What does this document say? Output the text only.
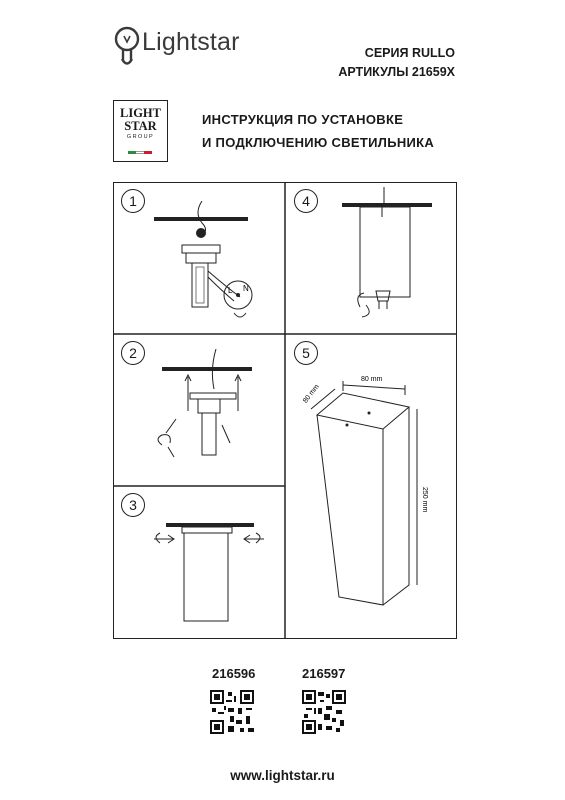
Lightstar	СЕРИЯ RULLO
АРТИКУЛЫ 21659X
LIGHT
STAR
GROUP
ИНСТРУКЦИЯ ПО УСТАНОВКЕ
И ПОДКЛЮЧЕНИЮ СВЕТИЛЬНИКА
1
L N
2
3
4
5
80 mm
80 mm
250 mm
216596	216597
www.lightstar.ru
